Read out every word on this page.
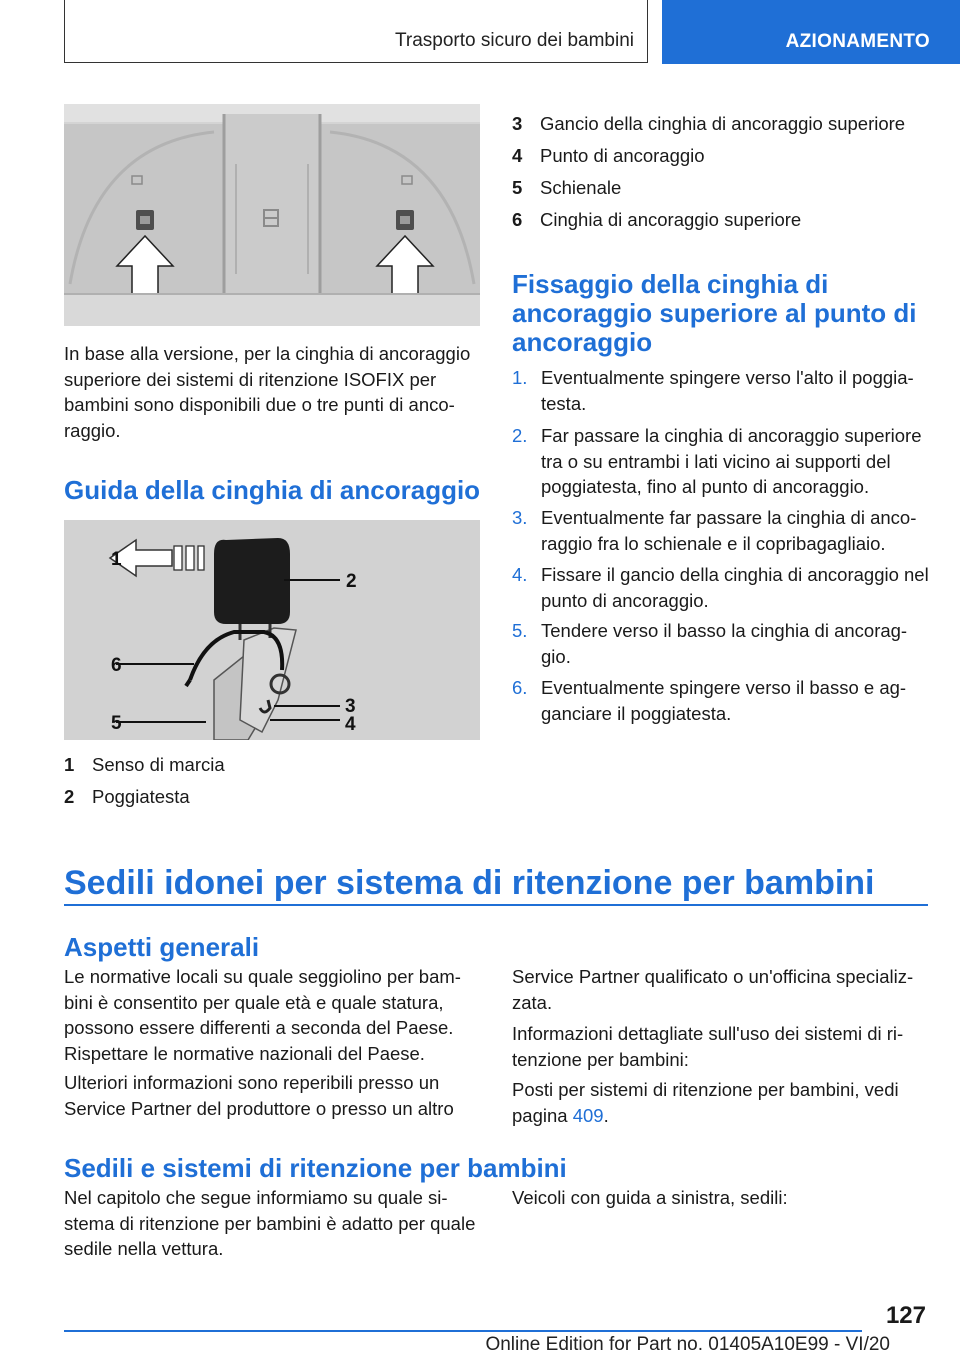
Trasporto sicuro dei bambini	AZIONAMENTO
In base alla versione, per la cinghia di ancoraggio superiore dei sistemi di ritenzione ISOFIX per bambini sono disponibili due o tre punti di anco-raggio.
Guida della cinghia di ancoraggio
1
2
3
4
5
6
1 Senso di marcia
2 Poggiatesta
3 Gancio della cinghia di ancoraggio superiore
4 Punto di ancoraggio
5 Schienale
6 Cinghia di ancoraggio superiore
Fissaggio della cinghia di ancoraggio superiore al punto di ancoraggio
1. Eventualmente spingere verso l'alto il poggia-testa.
2. Far passare la cinghia di ancoraggio superiore tra o su entrambi i lati vicino ai supporti del poggiatesta, fino al punto di ancoraggio.
3. Eventualmente far passare la cinghia di anco-raggio fra lo schienale e il copribagagliaio.
4. Fissare il gancio della cinghia di ancoraggio nel punto di ancoraggio.
5. Tendere verso il basso la cinghia di ancorag-gio.
6. Eventualmente spingere verso il basso e ag-ganciare il poggiatesta.
Sedili idonei per sistema di ritenzione per bambini
Aspetti generali
Le normative locali su quale seggiolino per bam-bini è consentito per quale età e quale statura, possono essere differenti a seconda del Paese. Rispettare le normative nazionali del Paese.
Ulteriori informazioni sono reperibili presso un Service Partner del produttore o presso un altro
Service Partner qualificato o un'officina specializ-zata.
Informazioni dettagliate sull'uso dei sistemi di ri-tenzione per bambini:
Posti per sistemi di ritenzione per bambini, vedi pagina 409.
Sedili e sistemi di ritenzione per bambini
Nel capitolo che segue informiamo su quale si-stema di ritenzione per bambini è adatto per quale sedile nella vettura.
Veicoli con guida a sinistra, sedili:
127
Online Edition for Part no. 01405A10E99 - VI/20
